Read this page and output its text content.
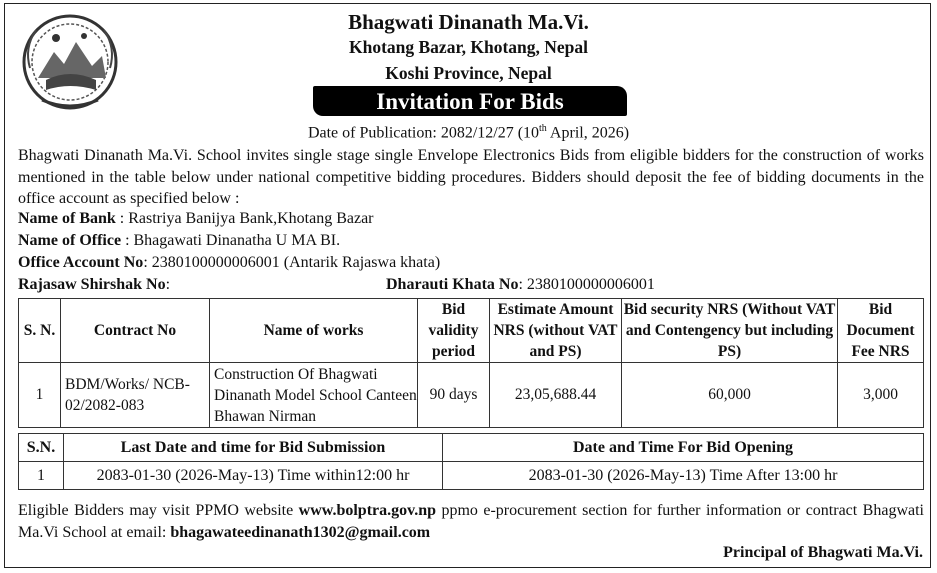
Bhagwati Dinanath Ma.Vi.
Khotang Bazar, Khotang, Nepal
Koshi Province, Nepal
Invitation For Bids
Date of Publication: 2082/12/27 (10th April, 2026)
Bhagwati Dinanath Ma.Vi. School invites single stage single Envelope Electronics Bids from eligible bidders for the construction of works mentioned in the table below under national competitive bidding procedures. Bidders should deposit the fee of bidding documents in the office account as specified below :
Name of Bank : Rastriya Banijya Bank,Khotang Bazar
Name of Office : Bhagawati Dinanatha U MA BI.
Office Account No: 2380100000006001 (Antarik Rajaswa khata)
Rajasaw Shirshak No:	Dharauti Khata No: 2380100000006001
S. N.	Contract No	Name of works	Bid validity period	Estimate Amount NRS (without VAT and PS)	Bid security NRS (Without VAT and Contengency but including PS)	Bid Document Fee NRS
1	BDM/Works/ NCB-02/2082-083	Construction Of Bhagwati Dinanath Model School Canteen Bhawan Nirman	90 days	23,05,688.44	60,000	3,000
S.N.	Last Date and time for Bid Submission	Date and Time For Bid Opening
1	2083-01-30 (2026-May-13) Time within12:00 hr	2083-01-30 (2026-May-13) Time After 13:00 hr
Eligible Bidders may visit PPMO website www.bolptra.gov.np ppmo e-procurement section for further information or contract Bhagwati Ma.Vi School at email: bhagawateedinanath1302@gmail.com
Principal of Bhagwati Ma.Vi.
